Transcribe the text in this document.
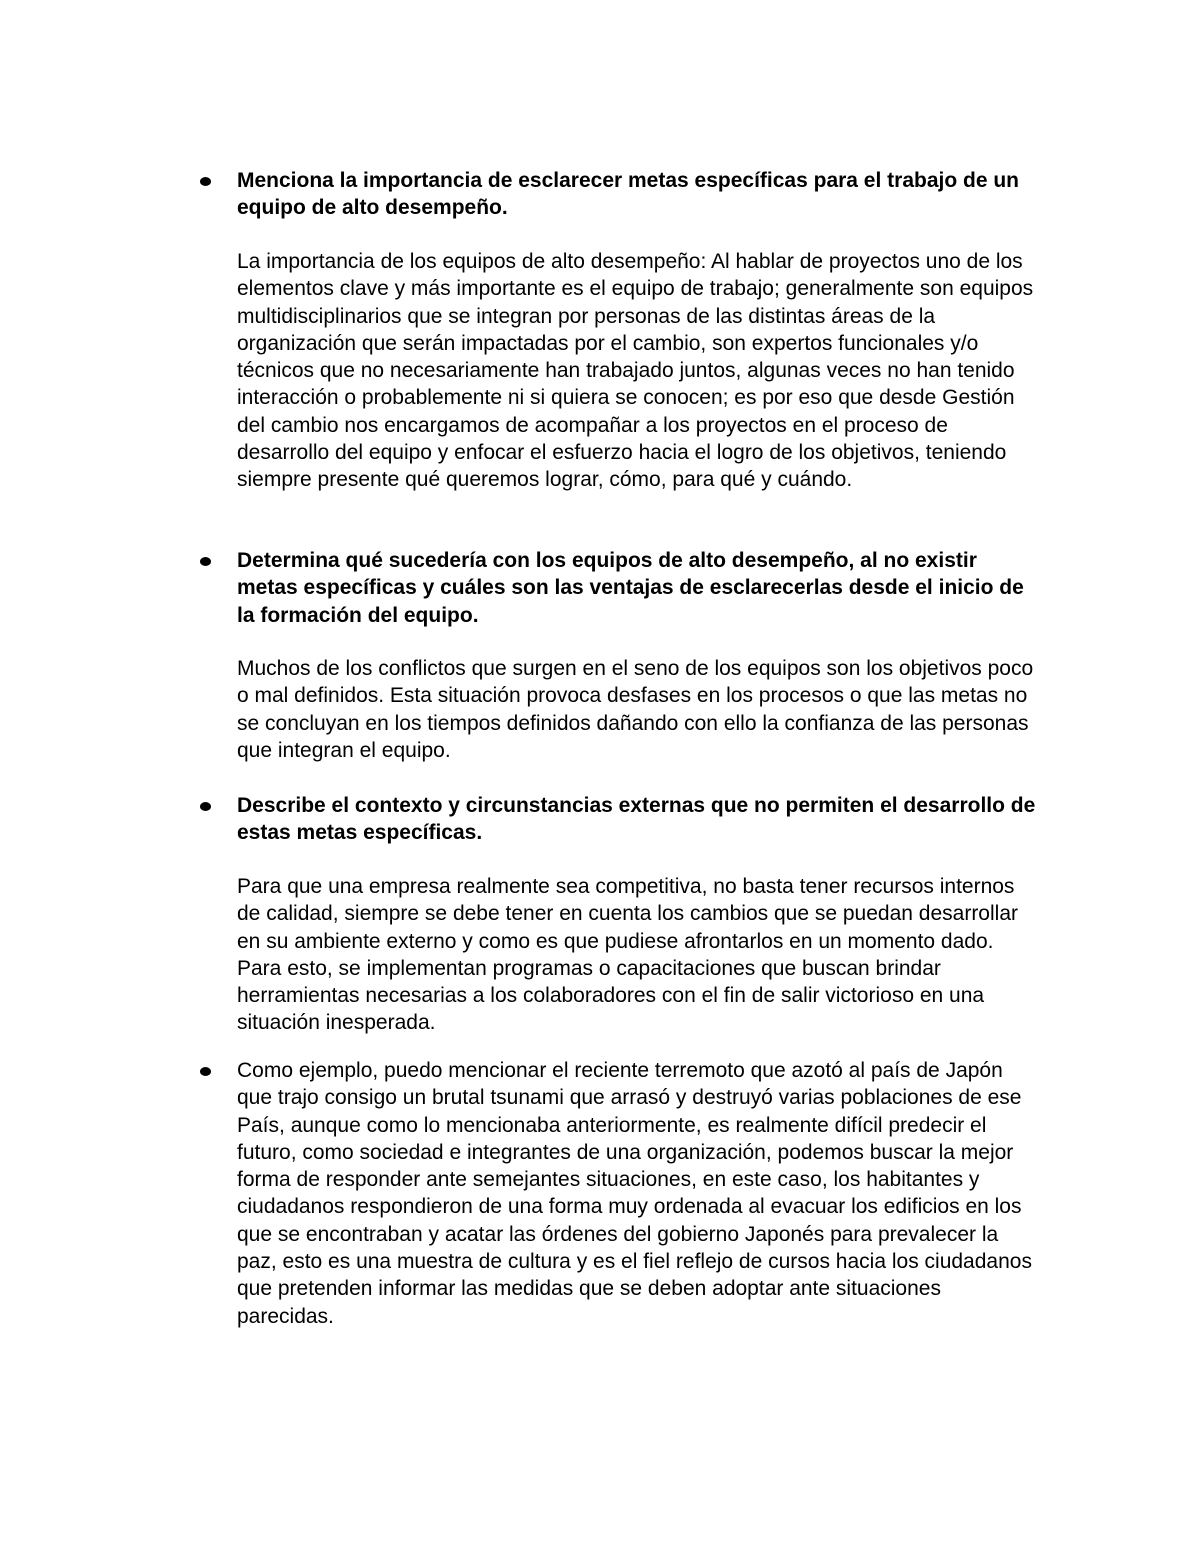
Menciona la importancia de esclarecer metas específicas para el trabajo de un equipo de alto desempeño.

La importancia de los equipos de alto desempeño: Al hablar de proyectos uno de los elementos clave y más importante es el equipo de trabajo; generalmente son equipos multidisciplinarios que se integran por personas de las distintas áreas de la organización que serán impactadas por el cambio, son expertos funcionales y/o técnicos que no necesariamente han trabajado juntos, algunas veces no han tenido interacción o probablemente ni si quiera se conocen; es por eso que desde Gestión del cambio nos encargamos de acompañar a los proyectos en el proceso de desarrollo del equipo y enfocar el esfuerzo hacia el logro de los objetivos, teniendo siempre presente qué queremos lograr, cómo, para qué y cuándo.

Determina qué sucedería con los equipos de alto desempeño, al no existir metas específicas y cuáles son las ventajas de esclarecerlas desde el inicio de la formación del equipo.

Muchos de los conflictos que surgen en el seno de los equipos son los objetivos poco o mal definidos. Esta situación provoca desfases en los procesos o que las metas no se concluyan en los tiempos definidos dañando con ello la confianza de las personas que integran el equipo.

Describe el contexto y circunstancias externas que no permiten el desarrollo de estas metas específicas.

Para que una empresa realmente sea competitiva, no basta tener recursos internos de calidad, siempre se debe tener en cuenta los cambios que se puedan desarrollar en su ambiente externo y como es que pudiese afrontarlos en un momento dado. Para esto, se implementan programas o capacitaciones que buscan brindar herramientas necesarias a los colaboradores con el fin de salir victorioso en una situación inesperada.

Como ejemplo, puedo mencionar el reciente terremoto que azotó al país de Japón que trajo consigo un brutal tsunami que arrasó y destruyó varias poblaciones de ese País, aunque como lo mencionaba anteriormente, es realmente difícil predecir el futuro, como sociedad e integrantes de una organización, podemos buscar la mejor forma de responder ante semejantes situaciones, en este caso, los habitantes y ciudadanos respondieron de una forma muy ordenada al evacuar los edificios en los que se encontraban y acatar las órdenes del gobierno Japonés para prevalecer la paz, esto es una muestra de cultura y es el fiel reflejo de cursos hacia los ciudadanos que pretenden informar las medidas que se deben adoptar ante situaciones parecidas.
